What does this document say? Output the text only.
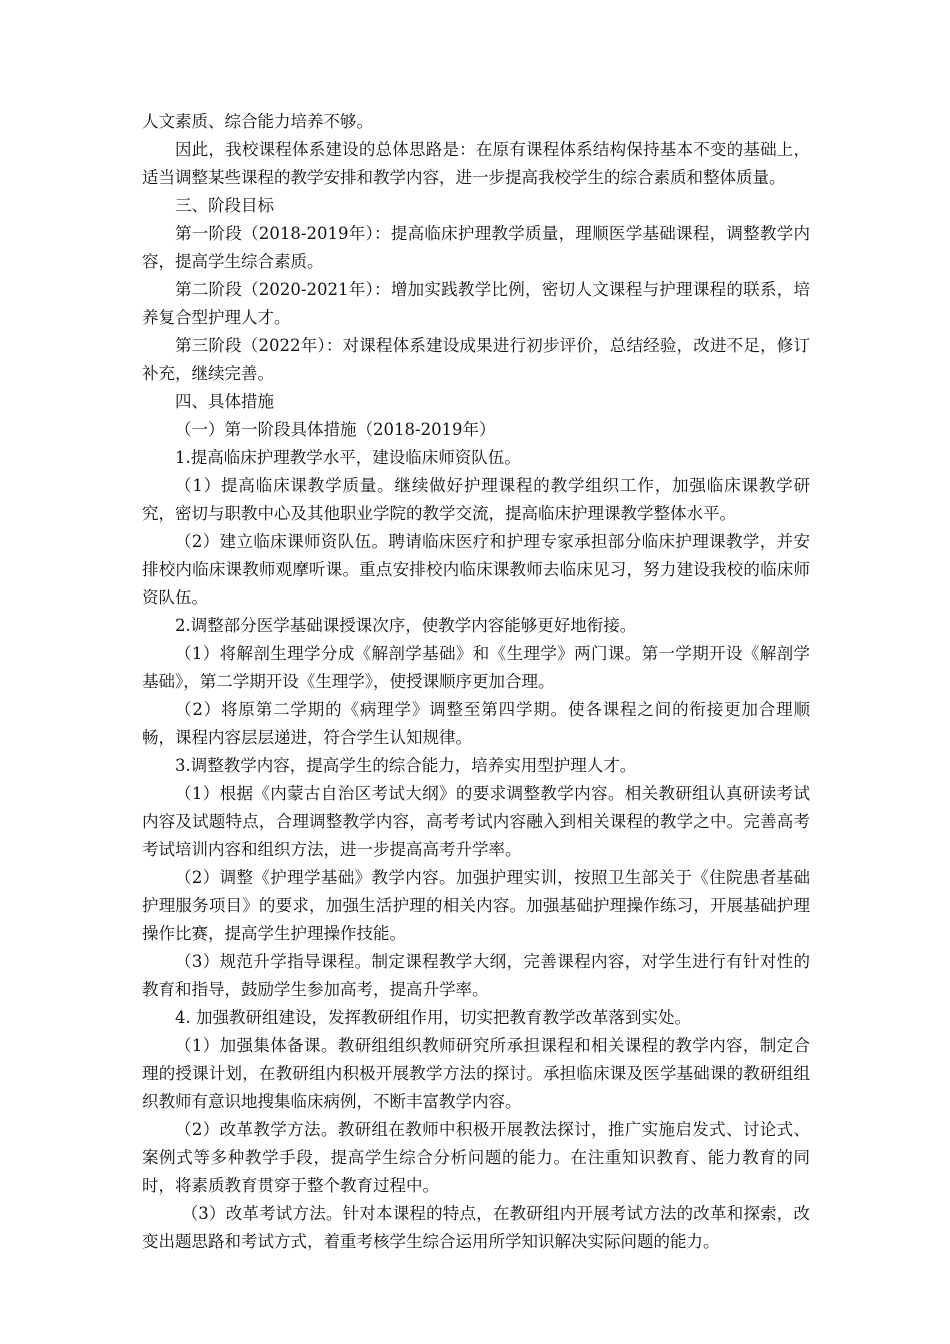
人文素质、综合能力培养不够。

因此，我校课程体系建设的总体思路是：在原有课程体系结构保持基本不变的基础上，适当调整某些课程的教学安排和教学内容，进一步提高我校学生的综合素质和整体质量。

三、阶段目标

第一阶段（2018-2019年）：提高临床护理教学质量，理顺医学基础课程，调整教学内容，提高学生综合素质。

第二阶段（2020-2021年）：增加实践教学比例，密切人文课程与护理课程的联系，培养复合型护理人才。

第三阶段（2022年）：对课程体系建设成果进行初步评价，总结经验，改进不足，修订补充，继续完善。

四、具体措施

（一）第一阶段具体措施（2018-2019年）

1.提高临床护理教学水平，建设临床师资队伍。

（1）提高临床课教学质量。继续做好护理课程的教学组织工作，加强临床课教学研究，密切与职教中心及其他职业学院的教学交流，提高临床护理课教学整体水平。

（2）建立临床课师资队伍。聘请临床医疗和护理专家承担部分临床护理课教学，并安排校内临床课教师观摩听课。重点安排校内临床课教师去临床见习，努力建设我校的临床师资队伍。

2.调整部分医学基础课授课次序，使教学内容能够更好地衔接。

（1）将解剖生理学分成《解剖学基础》和《生理学》两门课。第一学期开设《解剖学基础》，第二学期开设《生理学》，使授课顺序更加合理。

（2）将原第二学期的《病理学》调整至第四学期。使各课程之间的衔接更加合理顺畅，课程内容层层递进，符合学生认知规律。

3.调整教学内容，提高学生的综合能力，培养实用型护理人才。

（1）根据《内蒙古自治区考试大纲》的要求调整教学内容。相关教研组认真研读考试内容及试题特点，合理调整教学内容，高考考试内容融入到相关课程的教学之中。完善高考考试培训内容和组织方法，进一步提高高考升学率。

（2）调整《护理学基础》教学内容。加强护理实训，按照卫生部关于《住院患者基础护理服务项目》的要求，加强生活护理的相关内容。加强基础护理操作练习，开展基础护理操作比赛，提高学生护理操作技能。

（3）规范升学指导课程。制定课程教学大纲，完善课程内容，对学生进行有针对性的教育和指导，鼓励学生参加高考，提高升学率。

4. 加强教研组建设，发挥教研组作用，切实把教育教学改革落到实处。

（1）加强集体备课。教研组组织教师研究所承担课程和相关课程的教学内容，制定合理的授课计划，在教研组内积极开展教学方法的探讨。承担临床课及医学基础课的教研组组织教师有意识地搜集临床病例，不断丰富教学内容。

（2）改革教学方法。教研组在教师中积极开展教法探讨，推广实施启发式、讨论式、案例式等多种教学手段，提高学生综合分析问题的能力。在注重知识教育、能力教育的同时，将素质教育贯穿于整个教育过程中。

（3）改革考试方法。针对本课程的特点，在教研组内开展考试方法的改革和探索，改变出题思路和考试方式，着重考核学生综合运用所学知识解决实际问题的能力。
